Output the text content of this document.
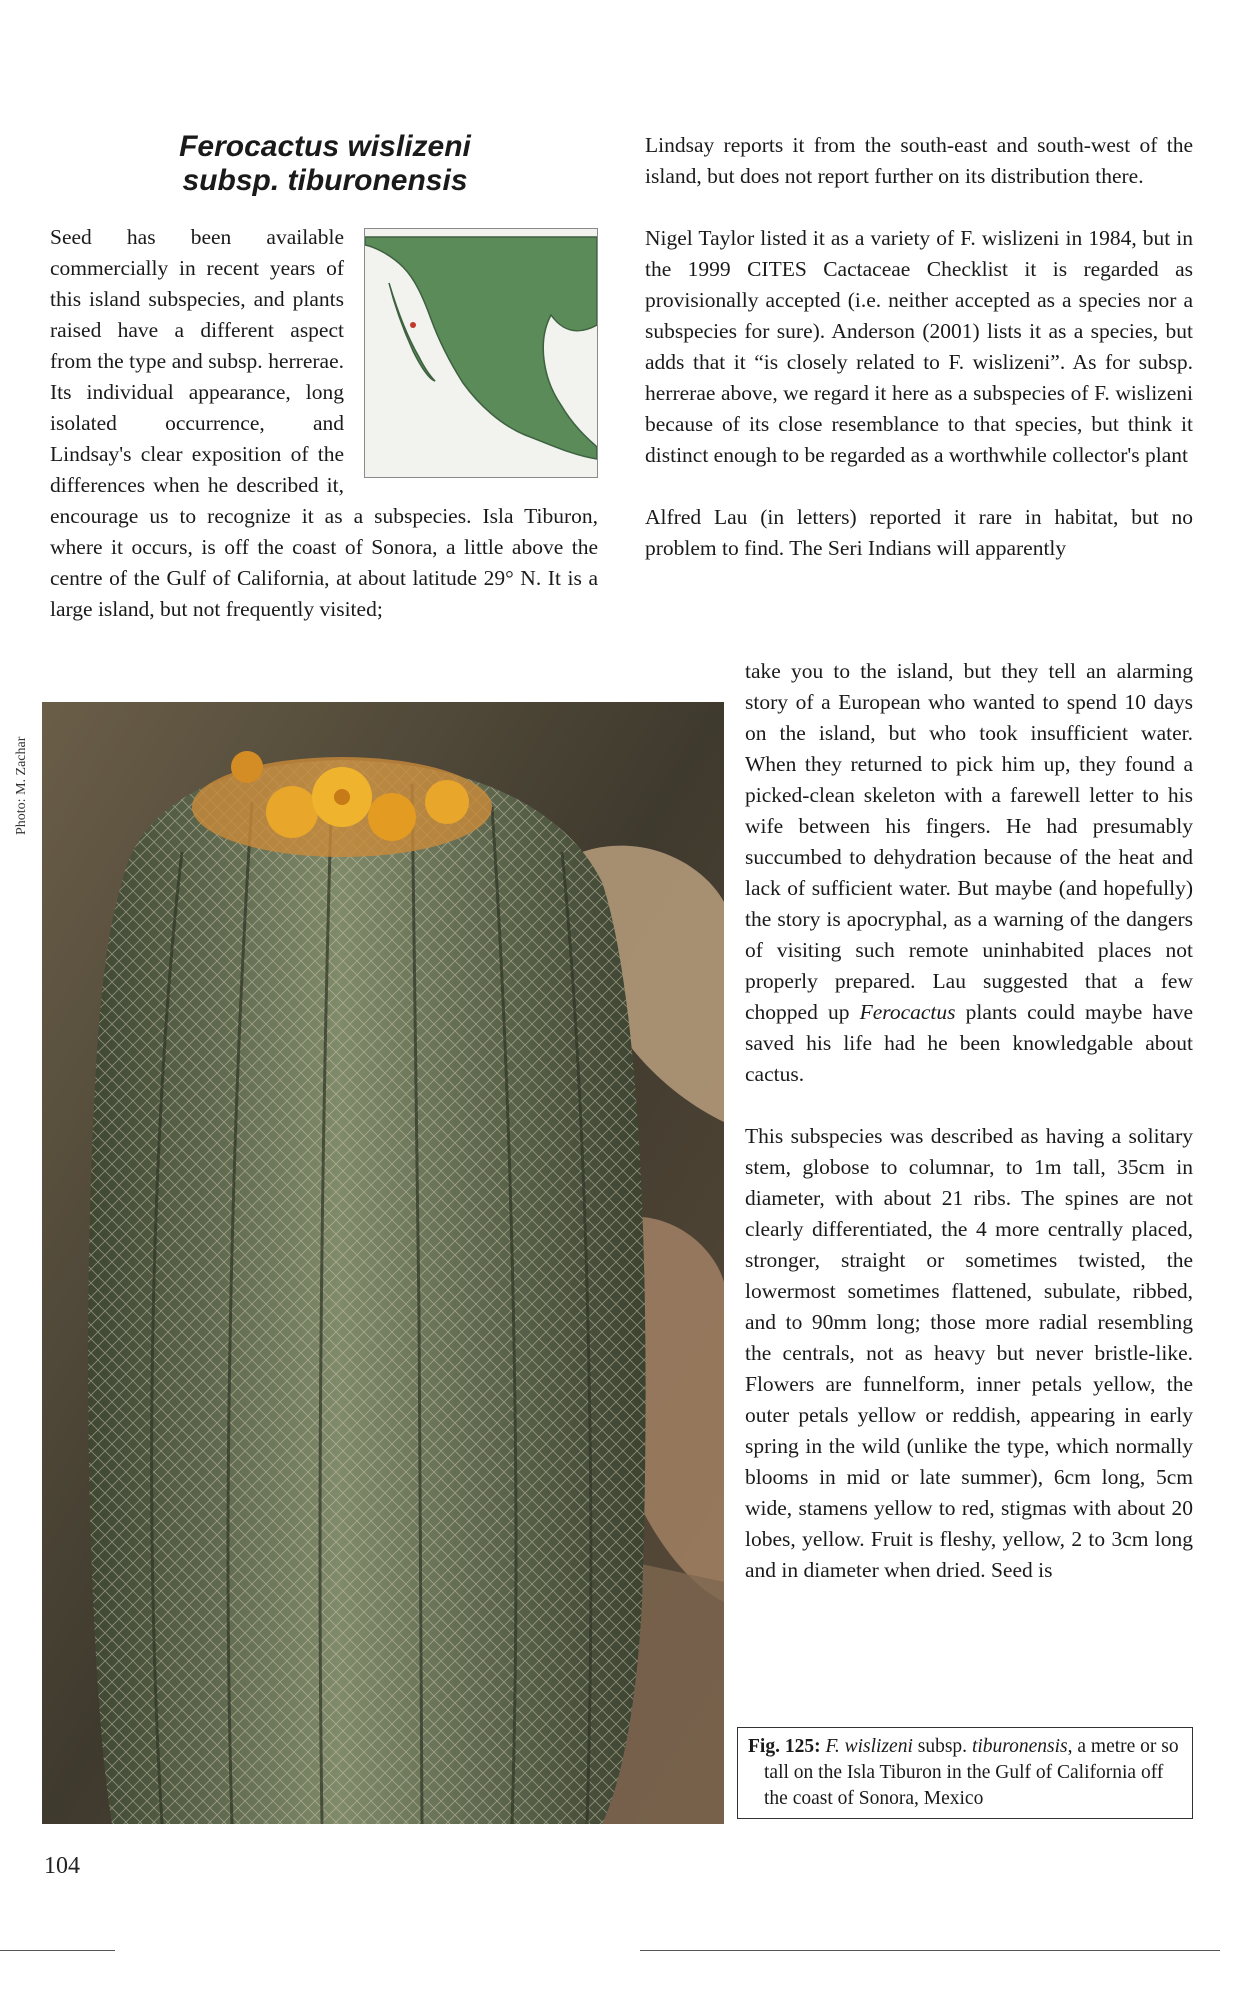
Ferocactus wislizeni
subsp. tiburonensis

Seed has been available commercially in recent years of this island subspecies, and plants raised have a different aspect from the type and subsp. herrerae. Its individual appearance, long isolated occurrence, and Lindsay's clear exposition of the differences when he described it, encourage us to recognize it as a subspecies. Isla Tiburon, where it occurs, is off the coast of Sonora, a little above the centre of the Gulf of California, at about latitude 29° N. It is a large island, but not frequently visited;

Lindsay reports it from the south-east and south-west of the island, but does not report further on its distribution there.

Nigel Taylor listed it as a variety of F. wislizeni in 1984, but in the 1999 CITES Cactaceae Checklist it is regarded as provisionally accepted (i.e. neither accepted as a species nor a subspecies for sure). Anderson (2001) lists it as a species, but adds that it “is closely related to F. wislizeni”. As for subsp. herrerae above, we regard it here as a subspecies of F. wislizeni because of its close resemblance to that species, but think it distinct enough to be regarded as a worthwhile collector's plant

Alfred Lau (in letters) reported it rare in habitat, but no problem to find. The Seri Indians will apparently

take you to the island, but they tell an alarming story of a European who wanted to spend 10 days on the island, but who took insufficient water. When they returned to pick him up, they found a picked-clean skeleton with a farewell letter to his wife between his fingers. He had presumably succumbed to dehydration because of the heat and lack of sufficient water. But maybe (and hopefully) the story is apocryphal, as a warning of the dangers of visiting such remote uninhabited places not properly prepared. Lau suggested that a few chopped up Ferocactus plants could maybe have saved his life had he been knowledgable about cactus.

This subspecies was described as having a solitary stem, globose to columnar, to 1m tall, 35cm in diameter, with about 21 ribs. The spines are not clearly differentiated, the 4 more centrally placed, stronger, straight or sometimes twisted, the lowermost sometimes flattened, subulate, ribbed, and to 90mm long; those more radial resembling the centrals, not as heavy but never bristle-like. Flowers are funnelform, inner petals yellow, the outer petals yellow or reddish, appearing in early spring in the wild (unlike the type, which normally blooms in mid or late summer), 6cm long, 5cm wide, stamens yellow to red, stigmas with about 20 lobes, yellow. Fruit is fleshy, yellow, 2 to 3cm long and in diameter when dried. Seed is

Photo: M. Zachar
Fig. 125: F. wislizeni subsp. tiburonensis, a metre or so tall on the Isla Tiburon in the Gulf of California off the coast of Sonora, Mexico
104
